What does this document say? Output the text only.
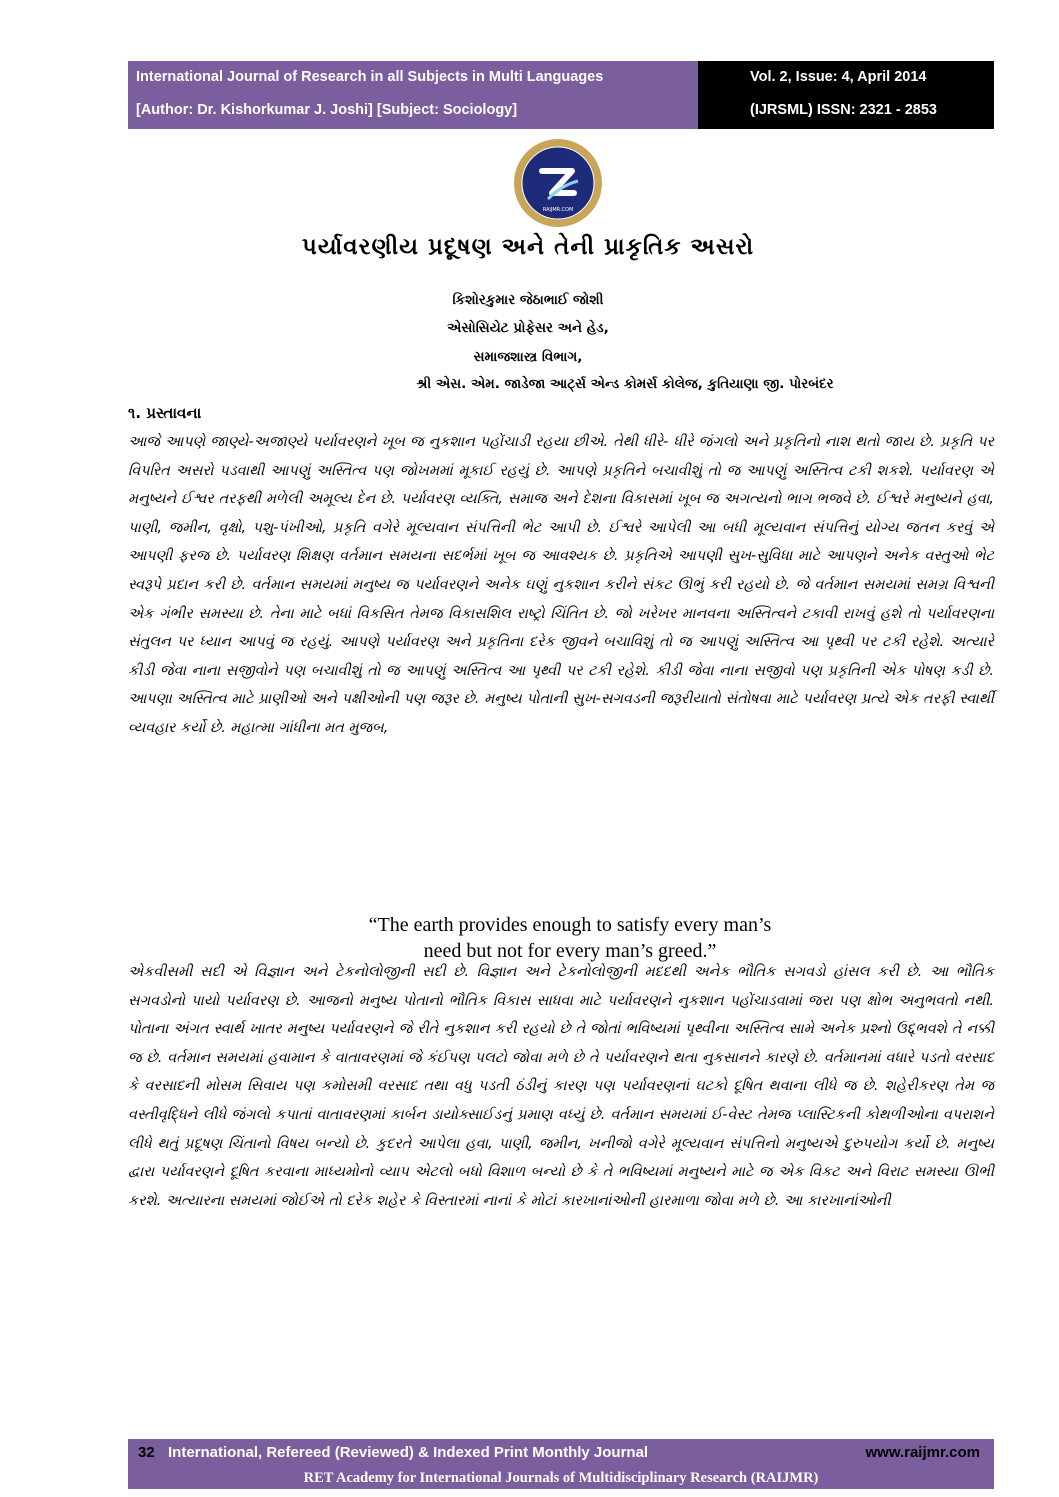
International Journal of Research in all Subjects in Multi Languages
[Author: Dr. Kishorkumar J. Joshi] [Subject: Sociology]
Vol. 2, Issue: 4, April 2014
(IJRSML) ISSN: 2321 - 2853
RAIJMR.COM
પર્યાવરણીય પ્રદૂષણ અને તેની પ્રાકૃતિક અસરો
કિશોરકુમાર જેઠાભાઈ જોશી
એસોસિયેટ પ્રોફેસર અને હેડ,
સમાજશાસ્ત્ર વિભાગ,
શ્રી એસ. એમ. જાડેજા આર્ટ્સ એન્ડ કોમર્સ કોલેજ, કુતિયાણા જી. પોરબંદર
૧. પ્રસ્તાવના
આજે આપણે જાણ્યે-અજાણ્યે પર્યાવરણને ખૂબ જ નુકશાન પહોંચાડી રહયા છીએ. તેથી ધીરે- ધીરે જંગલો અને પ્રકૃતિનો નાશ થતો જાય છે. પ્રકૃતિ પર વિપરિત અસરો પડવાથી આપણું અસ્તિત્વ પણ જોખમમાં મૂકાઈ રહયું છે. આપણે પ્રકૃતિને બચાવીશું તો જ આપણું અસ્તિત્વ ટકી શકશે. પર્યાવરણ એ મનુષ્યને ઈશ્વર તરફથી મળેલી અમૂલ્ય દેન છે. પર્યાવરણ વ્યક્તિ, સમાજ અને દેશના વિકાસમાં ખૂબ જ અગત્યનો ભાગ ભજવે છે. ઈશ્વરે મનુષ્યને હવા, પાણી, જમીન, વૃક્ષો, પશુ-પંખીઓ, પ્રકૃતિ વગેરે મૂલ્યવાન સંપત્તિની ભેટ આપી છે. ઈશ્વરે આપેલી આ બધી મૂલ્યવાન સંપત્તિનું યોગ્ય જતન કરવું એ આપણી ફરજ છે. પર્યાવરણ શિક્ષણ વર્તમાન સમયના સદર્ભમાં ખૂબ જ આવશ્યક છે. પ્રકૃતિએ આપણી સુખ-સુવિધા માટે આપણને અનેક વસ્તુઓ ભેટ સ્વરૂપે પ્રદાન કરી છે. વર્તમાન સમયમાં મનુષ્ય જ પર્યાવરણને અનેક ઘણું નુકશાન કરીને સંકટ ઊભું કરી રહયો છે. જે વર્તમાન સમયમાં સમગ્ર વિશ્વની એક ગંભીર સમસ્યા છે. તેના માટે બધાં વિકસિત તેમજ વિકાસશિલ રાષ્ટ્રો ચિંતિત છે. જો ખરેખર માનવના અસ્તિત્વને ટકાવી રાખવું હશે તો પર્યાવરણના સંતુલન પર ધ્યાન આપવું જ રહયું. આપણે પર્યાવરણ અને પ્રકૃતિના દરેક જીવને બચાવિશું તો જ આપણું અસ્તિત્વ આ પૃથ્વી પર ટકી રહેશે. અત્યારે કીડી જેવા નાના સજીવોને પણ બચાવીશું તો જ આપણું અસ્તિત્વ આ પૃથ્વી પર ટકી રહેશે. કીડી જેવા નાના સજીવો પણ પ્રકૃતિની એક પોષણ કડી છે. આપણા અસ્તિત્વ માટે પ્રાણીઓ અને પક્ષીઓની પણ જરૂર છે. મનુષ્ય પોતાની સુખ-સગવડની જરૂરીયાતો સંતોષવા માટે પર્યાવરણ પ્રત્યે એક તરફી સ્વાર્થી વ્યવહાર કર્યો છે. મહાત્મા ગાંધીના મત મુજબ,
“The earth provides enough to satisfy every man’s
need but not for every man’s greed.”
એકવીસમી સદી એ વિજ્ઞાન અને ટેકનોલોજીની સદી છે. વિજ્ઞાન અને ટેકનોલોજીની મદદથી અનેક ભૌતિક સગવડો હાંસલ કરી છે. આ ભૌતિક સગવડોનો પાયો પર્યાવરણ છે. આજનો મનુષ્ય પોતાનો ભૌતિક વિકાસ સાધવા માટે પર્યાવરણને નુકશાન પહોંચાડવામાં જરા પણ ક્ષોભ અનુભવતો નથી. પોતાના અંગત સ્વાર્થ ખાતર મનુષ્ય પર્યાવરણને જે રીતે નુકશાન કરી રહયો છે તે જોતાં ભવિષ્યમાં પૃથ્વીના અસ્તિત્વ સામે અનેક પ્રશ્નો ઉદ્દ્ભવશે તે નક્કી જ છે. વર્તમાન સમયમાં હવામાન કે વાતાવરણમાં જે કંઈપણ પલટો જોવા મળે છે તે પર્યાવરણને થતા નુકસાનને કારણે છે. વર્તમાનમાં વધારે પડતો વરસાદ કે વરસાદની મોસમ સિવાય પણ કમોસમી વરસાદ તથા વધુ પડતી ઠંડીનું કારણ પણ પર્યાવરણનાં ઘટકો દૂષિત થવાના લીધે જ છે. શહેરીકરણ તેમ જ વસ્તીવૃદ્ધિને લીધે જંગલો કપાતાં વાતાવરણમાં કાર્બન ડાયોક્સાઈડનું પ્રમાણ વધ્યું છે. વર્તમાન સમયમાં ઈ-વેસ્ટ તેમજ પ્લાસ્ટિકની કોથળીઓના વપરાશને લીધે થતું પ્રદૂષણ ચિંતાનો વિષય બન્યો છે. કુદરતે આપેલા હવા, પાણી, જમીન, ખનીજો વગેરે મૂલ્યવાન સંપત્તિનો મનુષ્યએ દુરુપયોગ કર્યો છે. મનુષ્ય દ્વારા પર્યાવરણને દૂષિત કરવાના માધ્યમોનો વ્યાપ એટલો બધો વિશાળ બન્યો છે કે તે ભવિષ્યમાં મનુષ્યને માટે જ એક વિકટ અને વિરાટ સમસ્યા ઊભી કરશે. અત્યારના સમયમાં જોઈએ તો દરેક શહેર કે વિસ્તારમાં નાનાં કે મોટાં કારખાનાંઓની હારમાળા જોવા મળે છે. આ કારખાનાંઓની
32 International, Refereed (Reviewed) & Indexed Print Monthly Journal	www.raijmr.com
RET Academy for International Journals of Multidisciplinary Research (RAIJMR)
